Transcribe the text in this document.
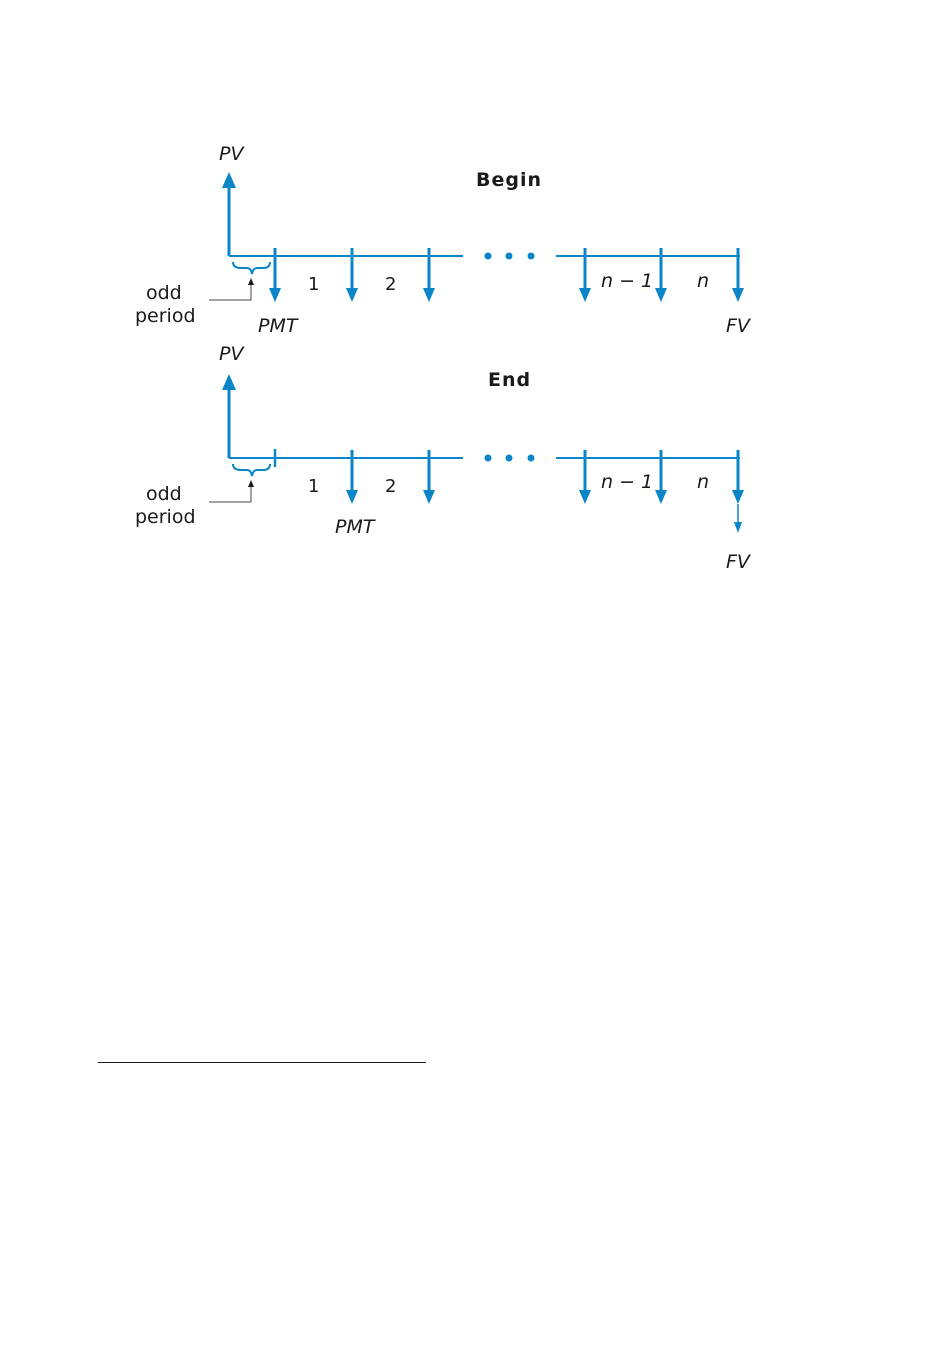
PV
Begin
odd
period
1	2	n − 1 n
PMT	FV
PV
End
odd
period
1	2	n − 1 n
PMT
FV
